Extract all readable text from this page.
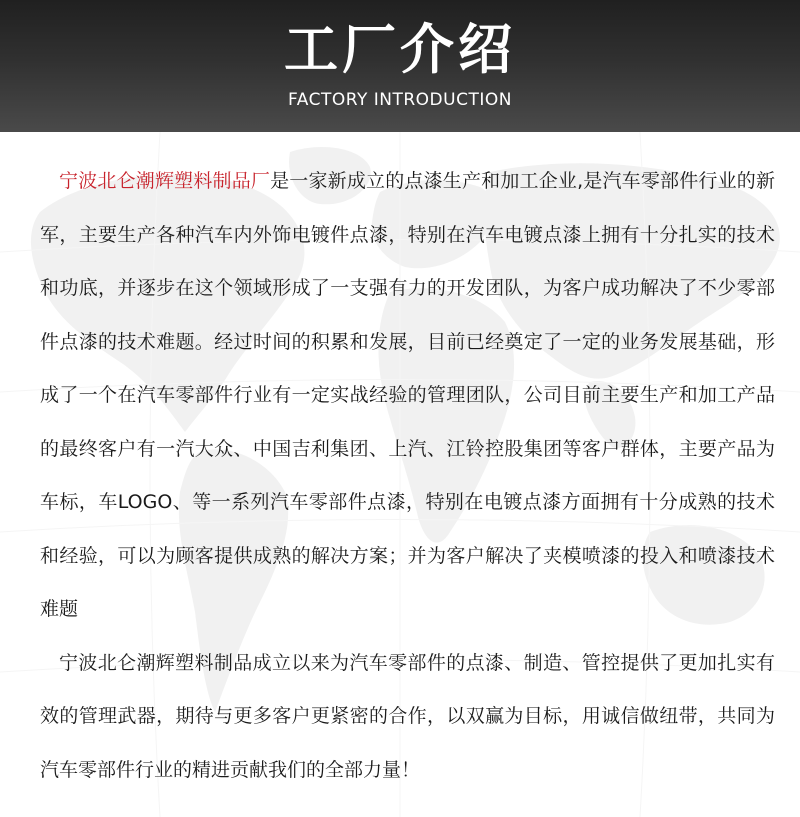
工厂介绍
FACTORY INTRODUCTION

宁波北仑潮辉塑料制品厂是一家新成立的点漆生产和加工企业,是汽车零部件行业的新军，主要生产各种汽车内外饰电镀件点漆，特别在汽车电镀点漆上拥有十分扎实的技术和功底，并逐步在这个领域形成了一支强有力的开发团队，为客户成功解决了不少零部件点漆的技术难题。经过时间的积累和发展，目前已经奠定了一定的业务发展基础，形成了一个在汽车零部件行业有一定实战经验的管理团队，公司目前主要生产和加工产品的最终客户有一汽大众、中国吉利集团、上汽、江铃控股集团等客户群体，主要产品为车标，车LOGO、等一系列汽车零部件点漆，特别在电镀点漆方面拥有十分成熟的技术和经验，可以为顾客提供成熟的解决方案；并为客户解决了夹模喷漆的投入和喷漆技术难题

宁波北仑潮辉塑料制品成立以来为汽车零部件的点漆、制造、管控提供了更加扎实有效的管理武器，期待与更多客户更紧密的合作，以双赢为目标，用诚信做纽带，共同为汽车零部件行业的精进贡献我们的全部力量！
